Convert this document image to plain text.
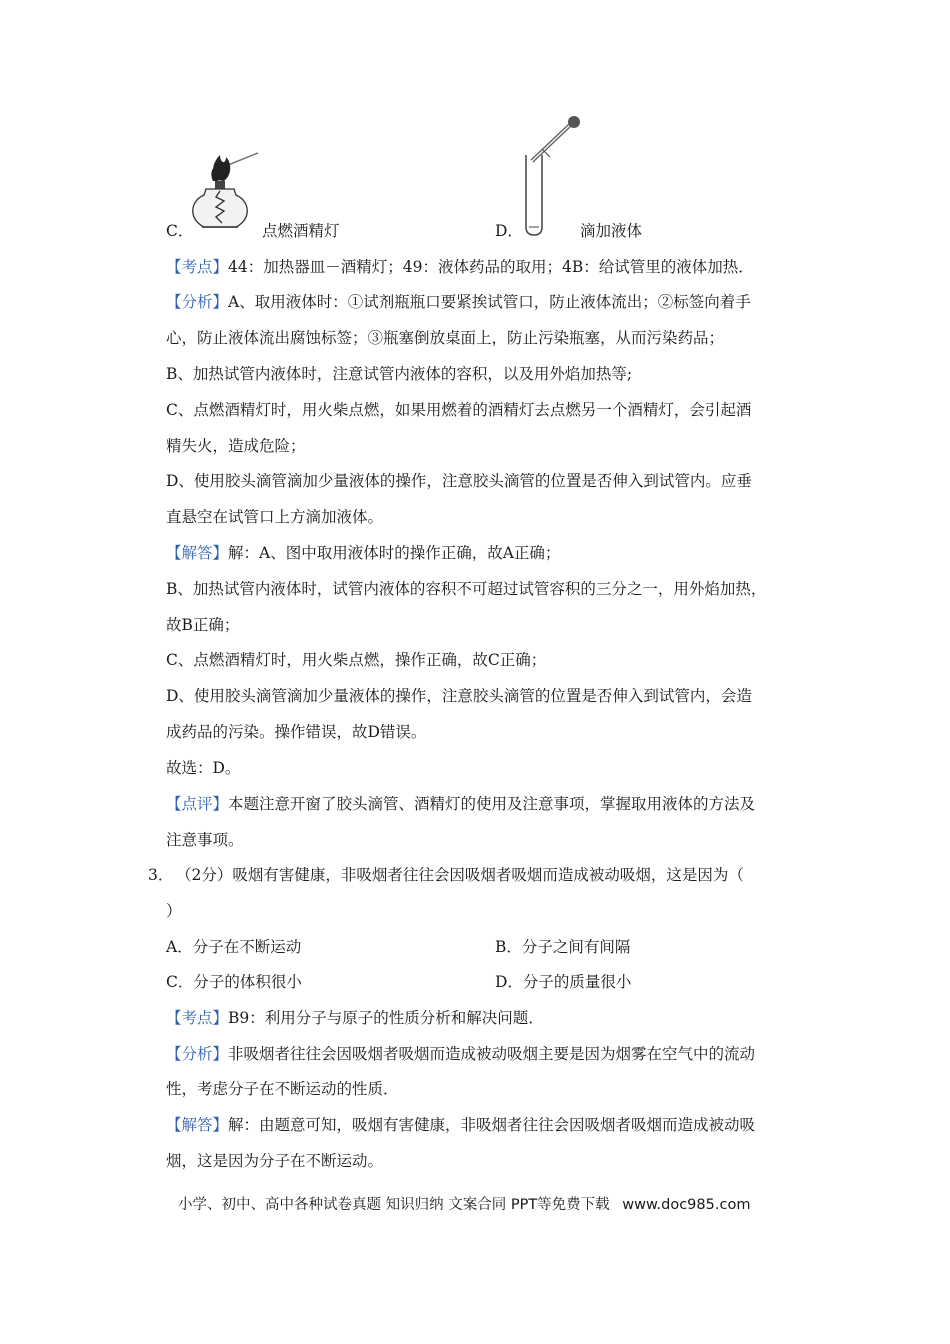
C．	点燃酒精灯	D．	滴加液体
【考点】44：加热器皿－酒精灯；49：液体药品的取用；4B：给试管里的液体加热．
【分析】A、取用液体时：①试剂瓶瓶口要紧挨试管口，防止液体流出；②标签向着手
心，防止液体流出腐蚀标签；③瓶塞倒放桌面上，防止污染瓶塞，从而污染药品；
B、加热试管内液体时，注意试管内液体的容积，以及用外焰加热等;
C、点燃酒精灯时，用火柴点燃，如果用燃着的酒精灯去点燃另一个酒精灯，会引起酒
精失火，造成危险；
D、使用胶头滴管滴加少量液体的操作，注意胶头滴管的位置是否伸入到试管内。应垂
直悬空在试管口上方滴加液体。
【解答】解：A、图中取用液体时的操作正确，故A正确；
B、加热试管内液体时，试管内液体的容积不可超过试管容积的三分之一，用外焰加热，
故B正确；
C、点燃酒精灯时，用火柴点燃，操作正确，故C正确；
D、使用胶头滴管滴加少量液体的操作，注意胶头滴管的位置是否伸入到试管内，会造
成药品的污染。操作错误，故D错误。
故选：D。
【点评】本题注意开窗了胶头滴管、酒精灯的使用及注意事项，掌握取用液体的方法及
注意事项。
3． （2分）吸烟有害健康，非吸烟者往往会因吸烟者吸烟而造成被动吸烟，这是因为（
）
A．分子在不断运动	B．分子之间有间隔
C．分子的体积很小	D．分子的质量很小
【考点】B9：利用分子与原子的性质分析和解决问题．
【分析】非吸烟者往往会因吸烟者吸烟而造成被动吸烟主要是因为烟雾在空气中的流动
性，考虑分子在不断运动的性质．
【解答】解：由题意可知，吸烟有害健康，非吸烟者往往会因吸烟者吸烟而造成被动吸
烟，这是因为分子在不断运动。
小学、初中、高中各种试卷真题 知识归纳 文案合同 PPT等免费下载 www.doc985.com
